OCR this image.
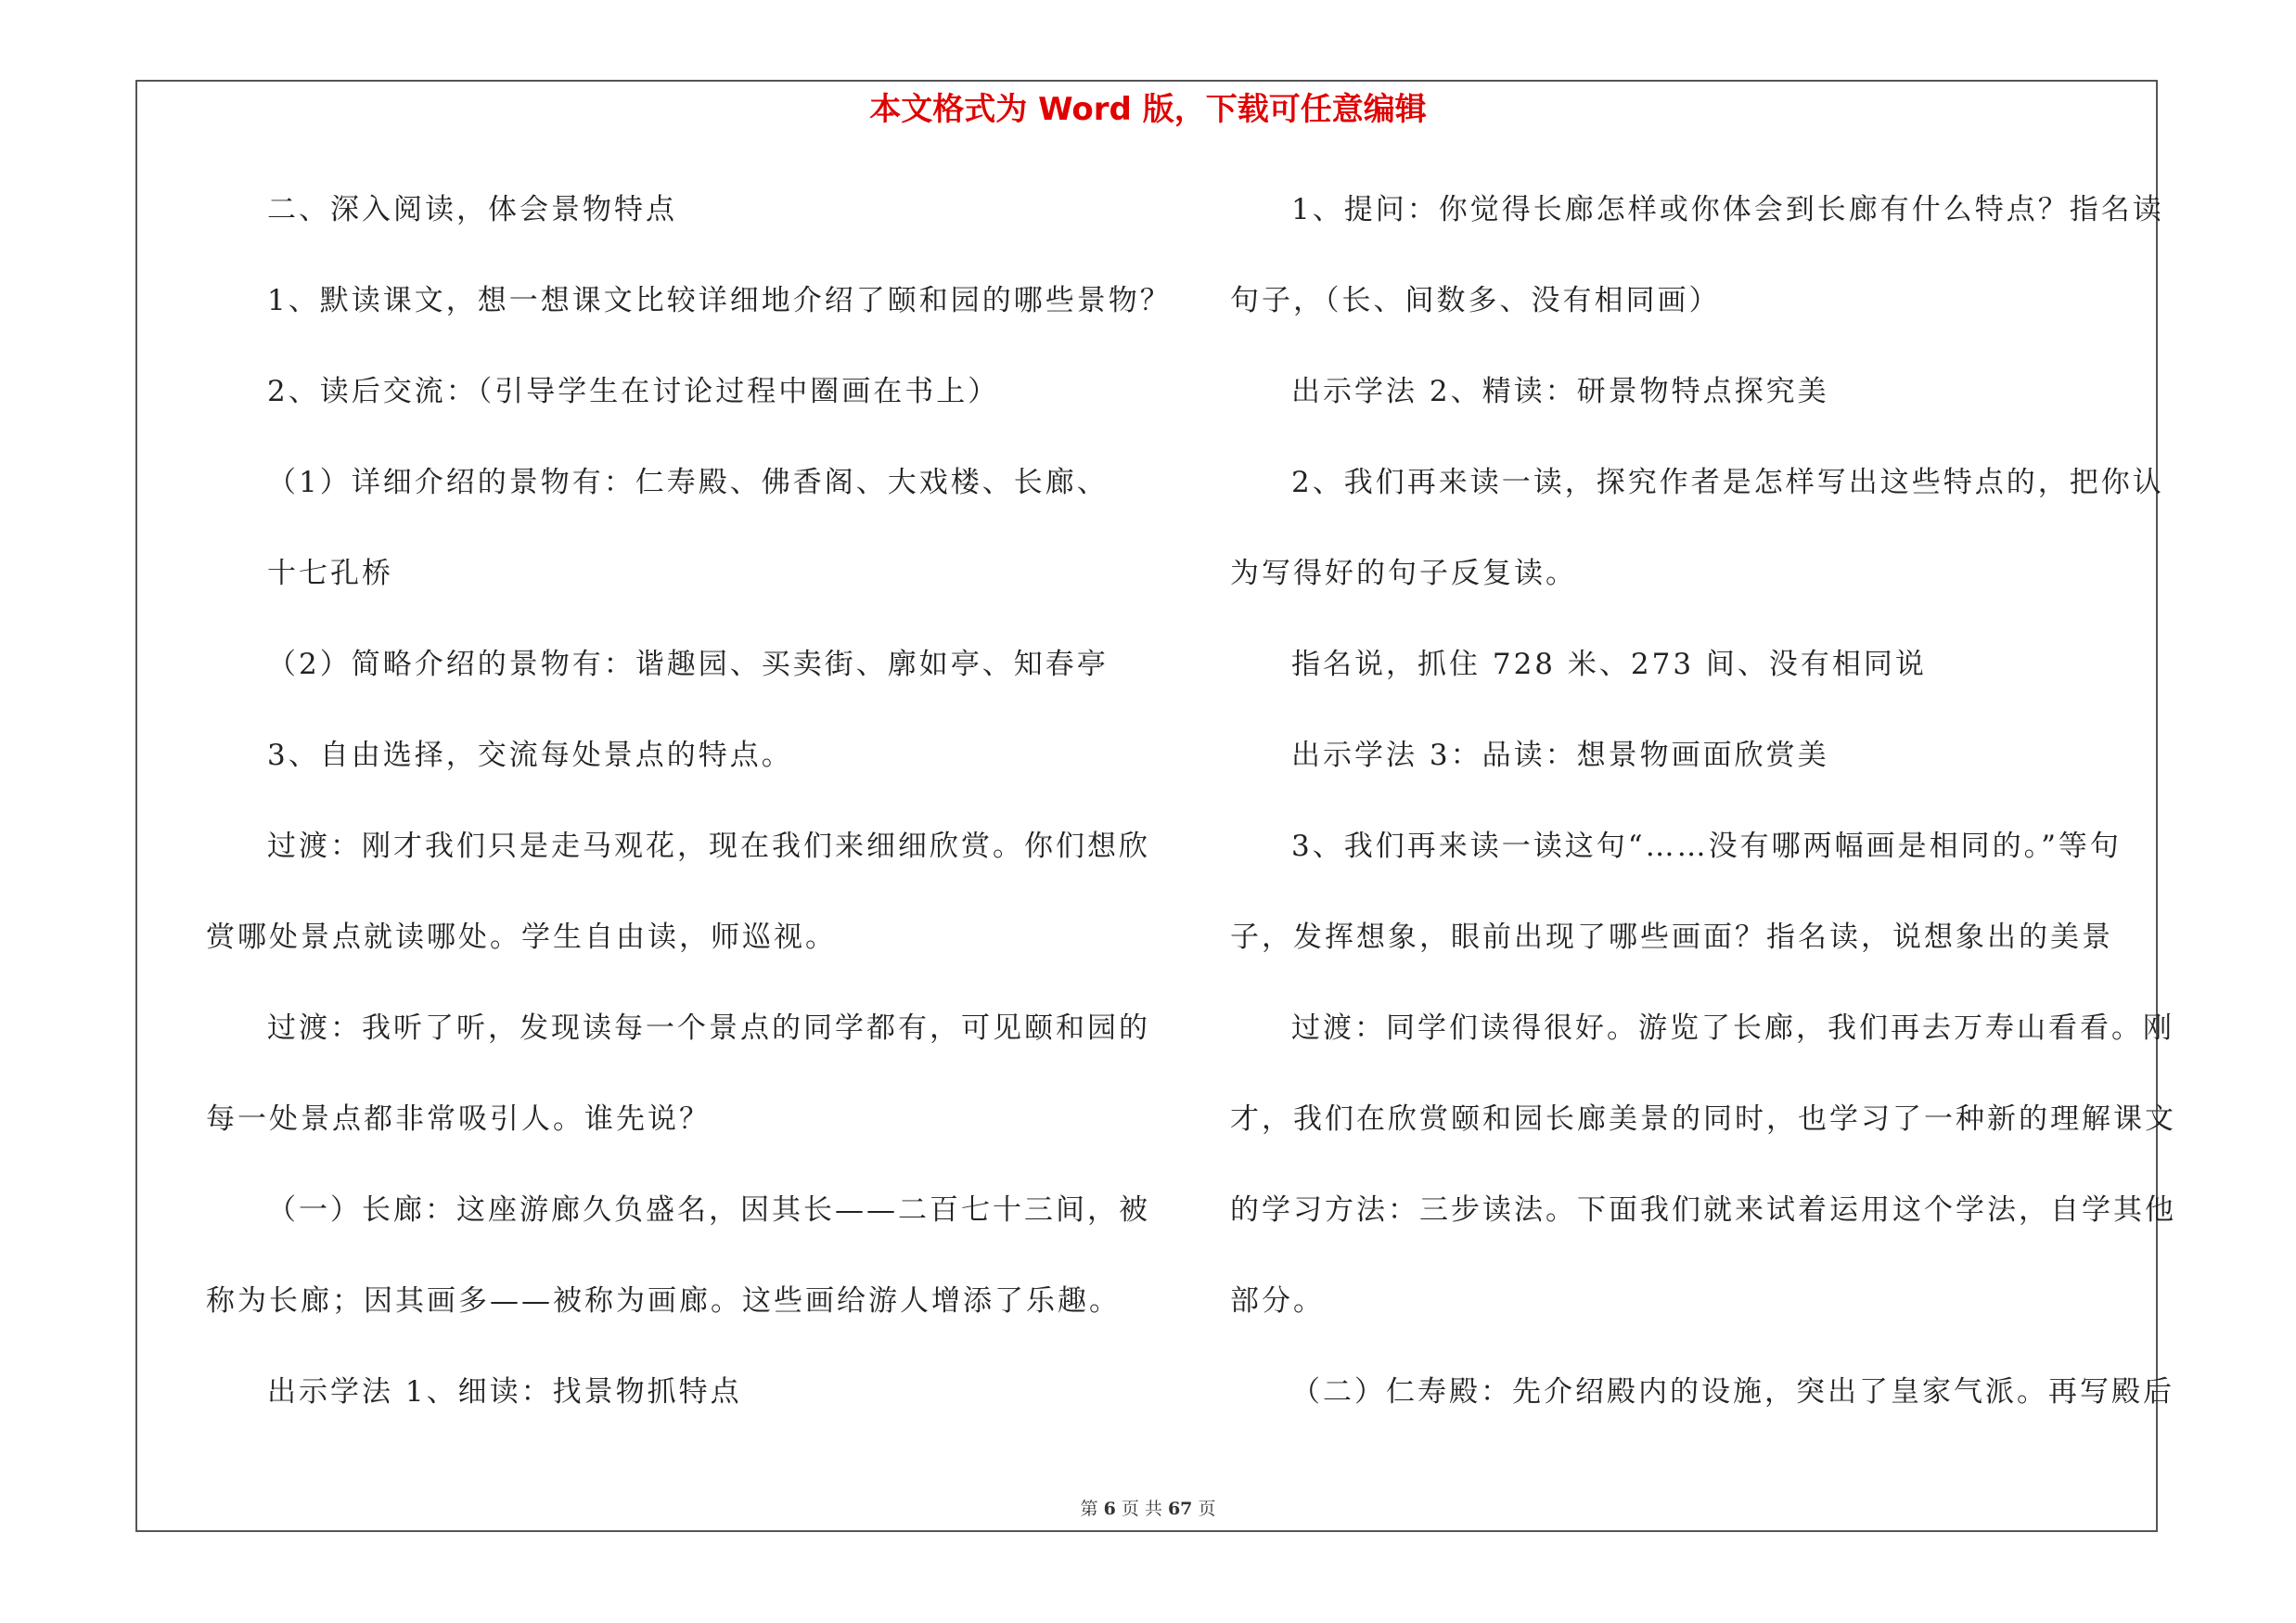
本文格式为 Word 版，下载可任意编辑
二、深入阅读，体会景物特点
1、默读课文，想一想课文比较详细地介绍了颐和园的哪些景物？
2、读后交流：（引导学生在讨论过程中圈画在书上）
（1）详细介绍的景物有：仁寿殿、佛香阁、大戏楼、长廊、
十七孔桥
（2）简略介绍的景物有：谐趣园、买卖街、廓如亭、知春亭
3、自由选择，交流每处景点的特点。
过渡：刚才我们只是走马观花，现在我们来细细欣赏。你们想欣
赏哪处景点就读哪处。学生自由读，师巡视。
过渡：我听了听，发现读每一个景点的同学都有，可见颐和园的
每一处景点都非常吸引人。谁先说？
（一）长廊：这座游廊久负盛名，因其长——二百七十三间，被
称为长廊；因其画多——被称为画廊。这些画给游人增添了乐趣。
出示学法 1、细读：找景物抓特点
1、提问：你觉得长廊怎样或你体会到长廊有什么特点？指名读
句子，（长、间数多、没有相同画）
出示学法 2、精读：研景物特点探究美
2、我们再来读一读，探究作者是怎样写出这些特点的，把你认
为写得好的句子反复读。
指名说，抓住 728 米、273 间、没有相同说
出示学法 3：品读：想景物画面欣赏美
3、我们再来读一读这句“……没有哪两幅画是相同的。”等句
子，发挥想象，眼前出现了哪些画面？指名读，说想象出的美景
过渡：同学们读得很好。游览了长廊，我们再去万寿山看看。刚
才，我们在欣赏颐和园长廊美景的同时，也学习了一种新的理解课文
的学习方法：三步读法。下面我们就来试着运用这个学法，自学其他
部分。
（二）仁寿殿：先介绍殿内的设施，突出了皇家气派。再写殿后
第 6 页 共 67 页
